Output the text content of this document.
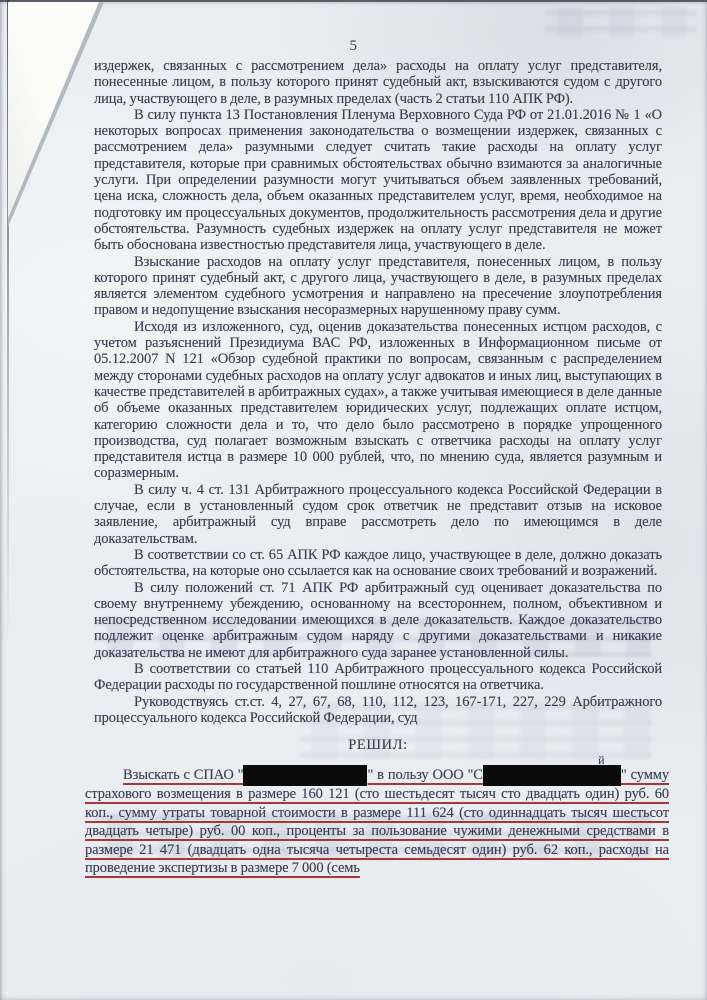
5

издержек, связанных с рассмотрением дела» расходы на оплату услуг представителя, понесенные лицом, в пользу которого принят судебный акт, взыскиваются судом с другого лица, участвующего в деле, в разумных пределах (часть 2 статьи 110 АПК РФ).

В силу пункта 13 Постановления Пленума Верховного Суда РФ от 21.01.2016 № 1 «О некоторых вопросах применения законодательства о возмещении издержек, связанных с рассмотрением дела» разумными следует считать такие расходы на оплату услуг представителя, которые при сравнимых обстоятельствах обычно взимаются за аналогичные услуги. При определении разумности могут учитываться объем заявленных требований, цена иска, сложность дела, объем оказанных представителем услуг, время, необходимое на подготовку им процессуальных документов, продолжительность рассмотрения дела и другие обстоятельства. Разумность судебных издержек на оплату услуг представителя не может быть обоснована известностью представителя лица, участвующего в деле.

Взыскание расходов на оплату услуг представителя, понесенных лицом, в пользу которого принят судебный акт, с другого лица, участвующего в деле, в разумных пределах является элементом судебного усмотрения и направлено на пресечение злоупотребления правом и недопущение взыскания несоразмерных нарушенному праву сумм.

Исходя из изложенного, суд, оценив доказательства понесенных истцом расходов, с учетом разъяснений Президиума ВАС РФ, изложенных в Информационном письме от 05.12.2007 N 121 «Обзор судебной практики по вопросам, связанным с распределением между сторонами судебных расходов на оплату услуг адвокатов и иных лиц, выступающих в качестве представителей в арбитражных судах», а также учитывая имеющиеся в деле данные об объеме оказанных представителем юридических услуг, подлежащих оплате истцом, категорию сложности дела и то, что дело было рассмотрено в порядке упрощенного производства, суд полагает возможным взыскать с ответчика расходы на оплату услуг представителя истца в размере 10 000 рублей, что, по мнению суда, является разумным и соразмерным.

В силу ч. 4 ст. 131 Арбитражного процессуального кодекса Российской Федерации в случае, если в установленный судом срок ответчик не представит отзыв на исковое заявление, арбитражный суд вправе рассмотреть дело по имеющимся в деле доказательствам.

В соответствии со ст. 65 АПК РФ каждое лицо, участвующее в деле, должно доказать обстоятельства, на которые оно ссылается как на основание своих требований и возражений.

В силу положений ст. 71 АПК РФ арбитражный суд оценивает доказательства по своему внутреннему убеждению, основанному на всестороннем, полном, объективном и непосредственном исследовании имеющихся в деле доказательств. Каждое доказательство подлежит оценке арбитражным судом наряду с другими доказательствами и никакие доказательства не имеют для арбитражного суда заранее установленной силы.

В соответствии со статьей 110 Арбитражного процессуального кодекса Российской Федерации расходы по государственной пошлине относятся на ответчика.

Руководствуясь ст.ст. 4, 27, 67, 68, 110, 112, 123, 167-171, 227, 229 Арбитражного процессуального кодекса Российской Федерации, суд

РЕШИЛ:

Взыскать с СПАО "	" в пользу ООО "С
й
" сумму страхового возмещения в размере 160 121 (сто шестьдесят тысяч сто двадцать один) руб. 60 коп., сумму утраты товарной стоимости в размере 111 624 (сто одиннадцать тысяч шестьсот двадцать четыре) руб. 00 коп., проценты за пользование чужими денежными средствами в размере 21 471 (двадцать одна тысяча четыреста семьдесят один) руб. 62 коп., расходы на проведение экспертизы в размере 7 000 (семь
